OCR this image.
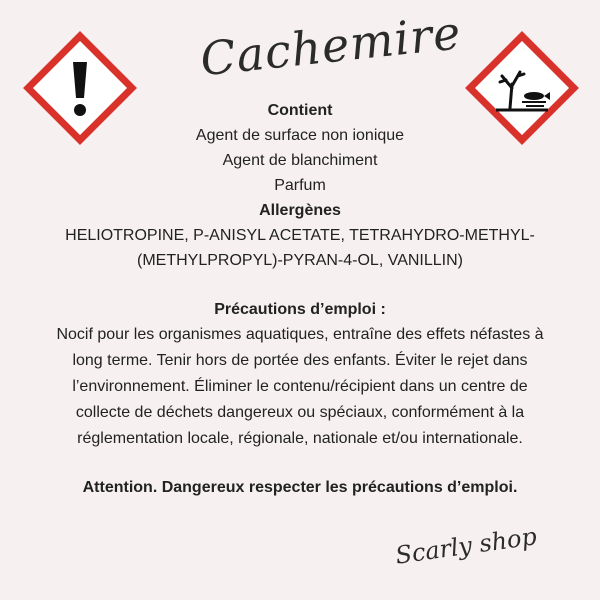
Cachemire
Contient
Agent de surface non ionique
Agent de blanchiment
Parfum
Allergènes
HELIOTROPINE, P-ANISYL ACETATE, TETRAHYDRO-METHYL-
(METHYLPROPYL)-PYRAN-4-OL, VANILLIN)
Précautions d’emploi :
Nocif pour les organismes aquatiques, entraîne des effets néfastes à
long terme. Tenir hors de portée des enfants. Éviter le rejet dans
l’environnement. Éliminer le contenu/récipient dans un centre de
collecte de déchets dangereux ou spéciaux, conformément à la
réglementation locale, régionale, nationale et/ou internationale.
Attention. Dangereux respecter les précautions d’emploi.
Scarly shop
